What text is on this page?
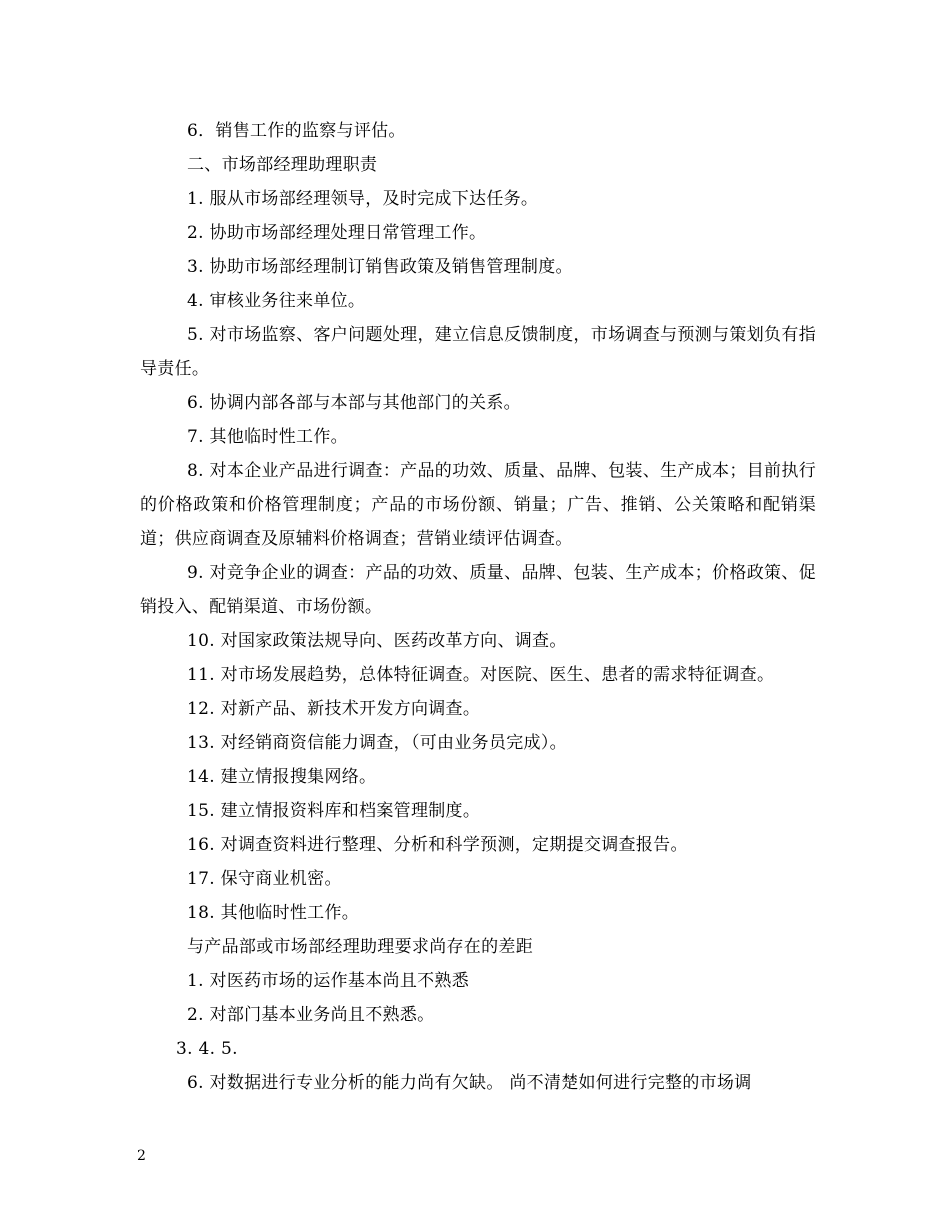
6．销售工作的监察与评估。

二、市场部经理助理职责

1. 服从市场部经理领导，及时完成下达任务。

2. 协助市场部经理处理日常管理工作。

3. 协助市场部经理制订销售政策及销售管理制度。

4. 审核业务往来单位。

5. 对市场监察、客户问题处理，建立信息反馈制度，市场调查与预测与策划负有指导责任。

6. 协调内部各部与本部与其他部门的关系。

7. 其他临时性工作。

8. 对本企业产品进行调查：产品的功效、质量、品牌、包装、生产成本；目前执行的价格政策和价格管理制度；产品的市场份额、销量；广告、推销、公关策略和配销渠道；供应商调查及原辅料价格调查；营销业绩评估调查。

9. 对竞争企业的调查：产品的功效、质量、品牌、包装、生产成本；价格政策、促销投入、配销渠道、市场份额。

10. 对国家政策法规导向、医药改革方向、调查。

11. 对市场发展趋势，总体特征调查。对医院、医生、患者的需求特征调查。

12. 对新产品、新技术开发方向调查。

13. 对经销商资信能力调查，（可由业务员完成）。

14. 建立情报搜集网络。

15. 建立情报资料库和档案管理制度。

16. 对调查资料进行整理、分析和科学预测，定期提交调查报告。

17. 保守商业机密。

18. 其他临时性工作。

与产品部或市场部经理助理要求尚存在的差距

1. 对医药市场的运作基本尚且不熟悉

2. 对部门基本业务尚且不熟悉。

3. 4. 5.

6. 对数据进行专业分析的能力尚有欠缺。 尚不清楚如何进行完整的市场调

2
